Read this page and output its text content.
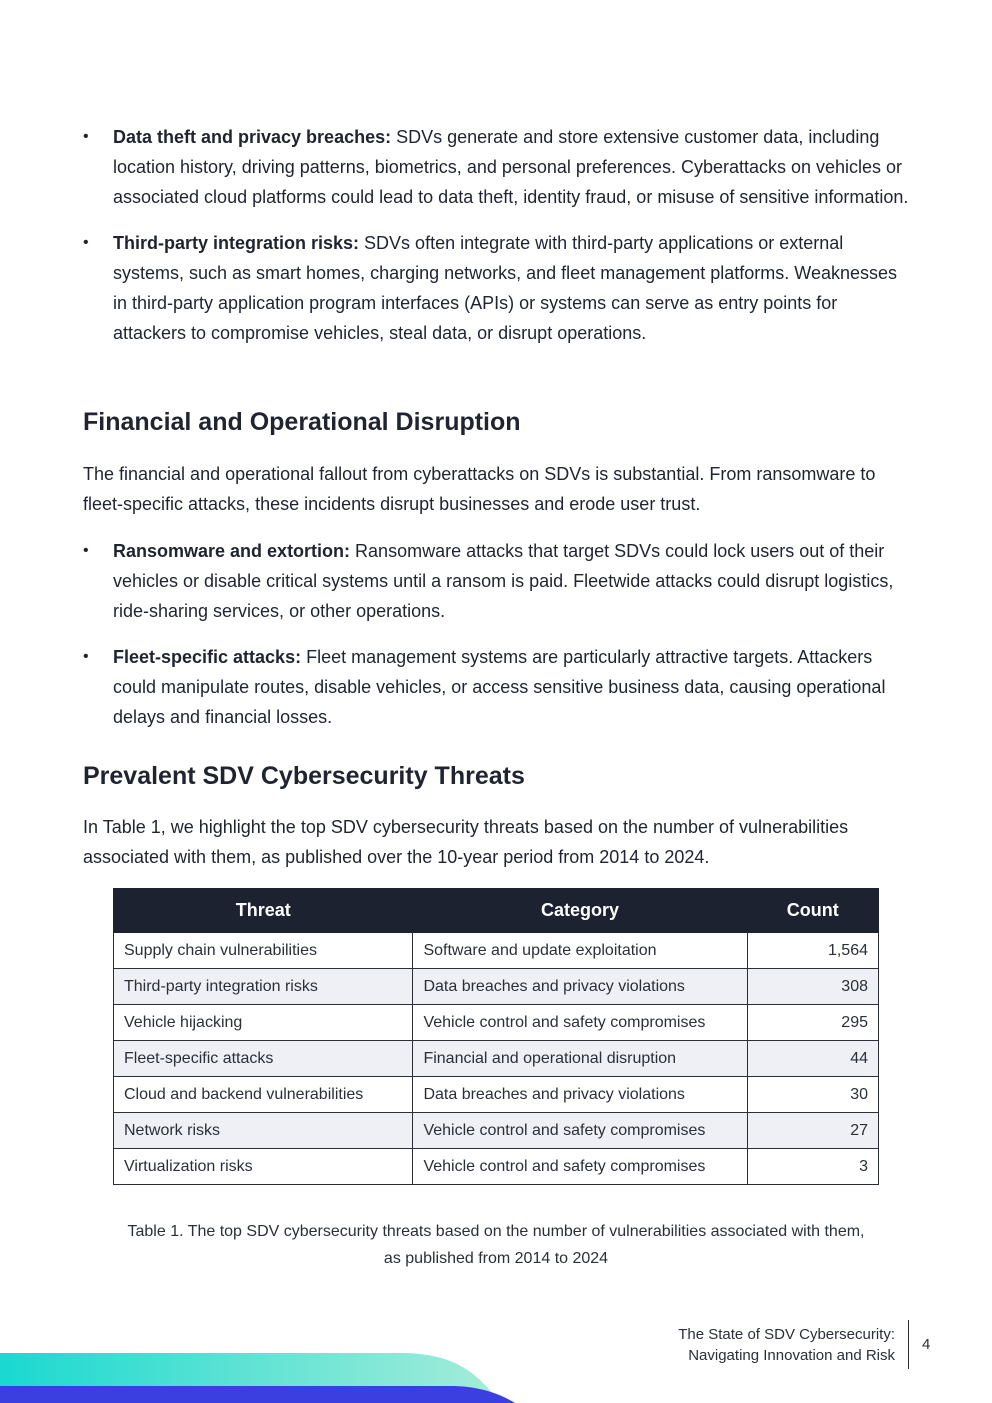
• Data theft and privacy breaches: SDVs generate and store extensive customer data, including location history, driving patterns, biometrics, and personal preferences. Cyberattacks on vehicles or associated cloud platforms could lead to data theft, identity fraud, or misuse of sensitive information.
• Third-party integration risks: SDVs often integrate with third-party applications or external systems, such as smart homes, charging networks, and fleet management platforms. Weaknesses in third-party application program interfaces (APIs) or systems can serve as entry points for attackers to compromise vehicles, steal data, or disrupt operations.
Financial and Operational Disruption

The financial and operational fallout from cyberattacks on SDVs is substantial. From ransomware to fleet-specific attacks, these incidents disrupt businesses and erode user trust.

• Ransomware and extortion: Ransomware attacks that target SDVs could lock users out of their vehicles or disable critical systems until a ransom is paid. Fleetwide attacks could disrupt logistics, ride-sharing services, or other operations.
• Fleet-specific attacks: Fleet management systems are particularly attractive targets. Attackers could manipulate routes, disable vehicles, or access sensitive business data, causing operational delays and financial losses.
Prevalent SDV Cybersecurity Threats

In Table 1, we highlight the top SDV cybersecurity threats based on the number of vulnerabilities associated with them, as published over the 10-year period from 2014 to 2024.

Threat	Category	Count
Supply chain vulnerabilities	Software and update exploitation	1,564
Third-party integration risks	Data breaches and privacy violations	308
Vehicle hijacking	Vehicle control and safety compromises	295
Fleet-specific attacks	Financial and operational disruption	44
Cloud and backend vulnerabilities	Data breaches and privacy violations	30
Network risks	Vehicle control and safety compromises	27
Virtualization risks	Vehicle control and safety compromises	3
Table 1. The top SDV cybersecurity threats based on the number of vulnerabilities associated with them,
as published from 2014 to 2024
The State of SDV Cybersecurity:
Navigating Innovation and Risk
4
